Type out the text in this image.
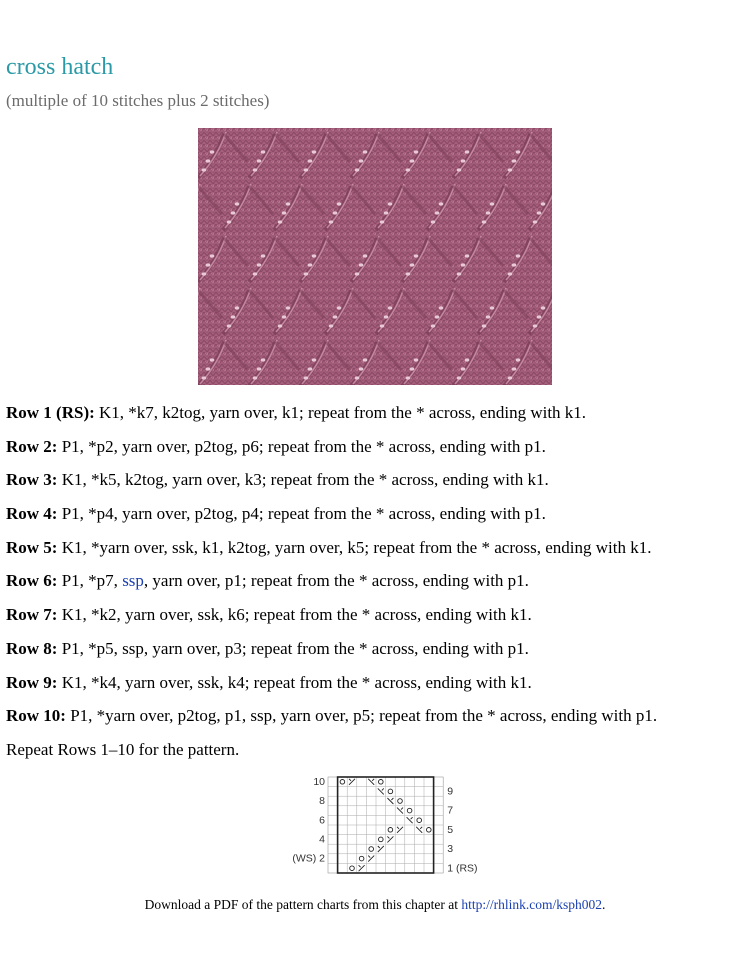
cross hatch

(multiple of 10 stitches plus 2 stitches)

Row 1 (RS): K1, *k7, k2tog, yarn over, k1; repeat from the * across, ending with k1.
Row 2: P1, *p2, yarn over, p2tog, p6; repeat from the * across, ending with p1.
Row 3: K1, *k5, k2tog, yarn over, k3; repeat from the * across, ending with k1.
Row 4: P1, *p4, yarn over, p2tog, p4; repeat from the * across, ending with p1.
Row 5: K1, *yarn over, ssk, k1, k2tog, yarn over, k5; repeat from the * across, ending with k1.
Row 6: P1, *p7, ssp, yarn over, p1; repeat from the * across, ending with p1.
Row 7: K1, *k2, yarn over, ssk, k6; repeat from the * across, ending with k1.
Row 8: P1, *p5, ssp, yarn over, p3; repeat from the * across, ending with p1.
Row 9: K1, *k4, yarn over, ssk, k4; repeat from the * across, ending with k1.
Row 10: P1, *yarn over, p2tog, p1, ssp, yarn over, p5; repeat from the * across, ending with p1.
Repeat Rows 1–10 for the pattern.
10
8
6
4
(WS) 2
9
7
5
3
1 (RS)
Download a PDF of the pattern charts from this chapter at http://rhlink.com/ksph002.
